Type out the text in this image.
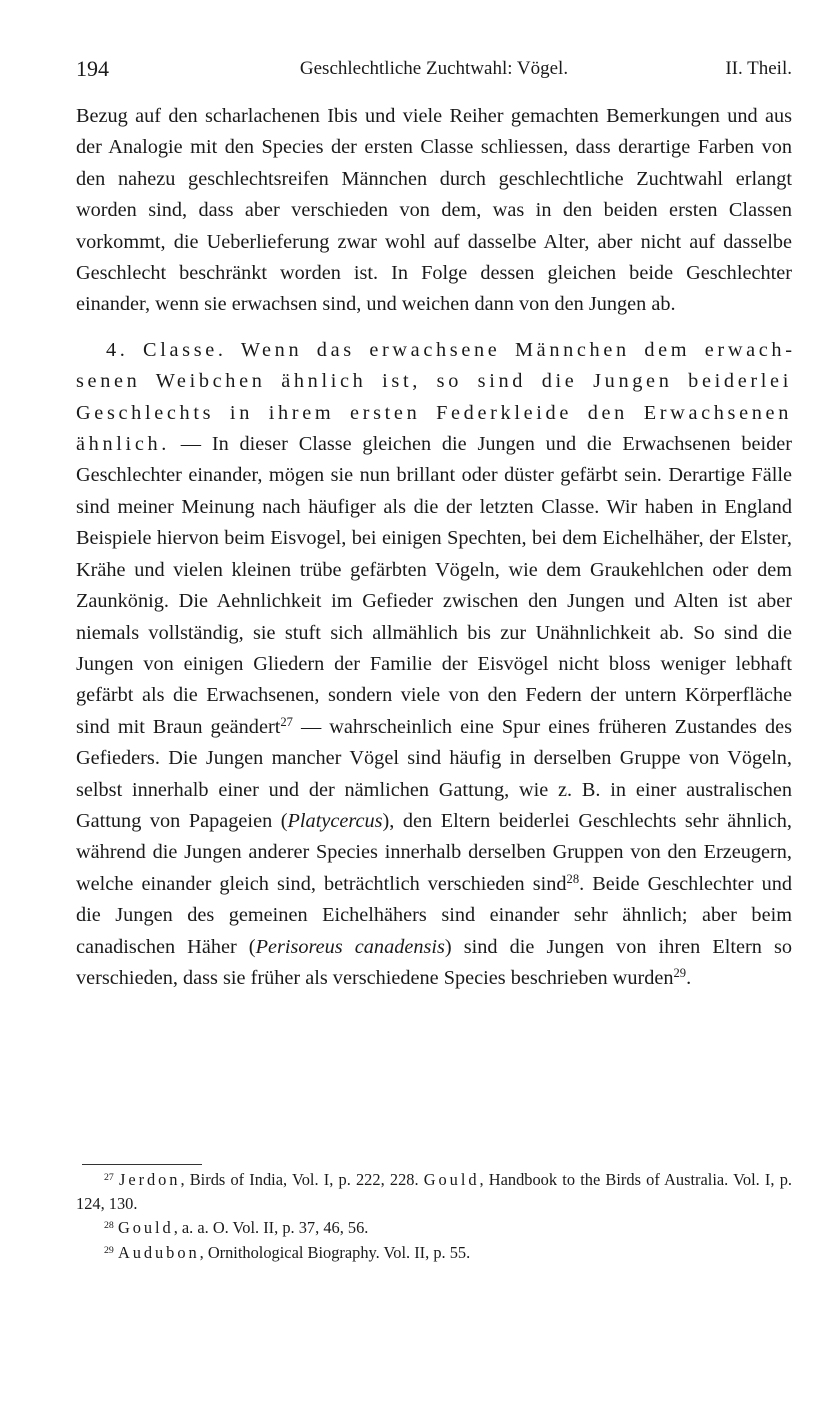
194	Geschlechtliche Zuchtwahl: Vögel.	II. Theil.

Bezug auf den scharlachenen Ibis und viele Reiher gemachten Bemerkungen und aus der Analogie mit den Species der ersten Classe schliessen, dass derartige Farben von den nahezu geschlechtsreifen Männchen durch geschlechtliche Zuchtwahl erlangt worden sind, dass aber verschieden von dem, was in den beiden ersten Classen vorkommt, die Ueberlieferung zwar wohl auf dasselbe Alter, aber nicht auf dasselbe Geschlecht beschränkt worden ist. In Folge dessen gleichen beide Geschlechter einander, wenn sie erwachsen sind, und weichen dann von den Jungen ab.

4. Classe. Wenn das erwachsene Männchen dem erwachsenen Weibchen ähnlich ist, so sind die Jungen beiderlei Geschlechts in ihrem ersten Federkleide den Erwachsenen ähnlich. — In dieser Classe gleichen die Jungen und die Erwachsenen beider Geschlechter einander, mögen sie nun brillant oder düster gefärbt sein. Derartige Fälle sind meiner Meinung nach häufiger als die der letzten Classe. Wir haben in England Beispiele hiervon beim Eisvogel, bei einigen Spechten, bei dem Eichelhäher, der Elster, Krähe und vielen kleinen trübe gefärbten Vögeln, wie dem Graukehlchen oder dem Zaunkönig. Die Aehnlichkeit im Gefieder zwischen den Jungen und Alten ist aber niemals vollständig, sie stuft sich allmählich bis zur Unähnlichkeit ab. So sind die Jungen von einigen Gliedern der Familie der Eisvögel nicht bloss weniger lebhaft gefärbt als die Erwachsenen, sondern viele von den Federn der untern Körperfläche sind mit Braun geändert$^{27}$ — wahrscheinlich eine Spur eines früheren Zustandes des Gefieders. Die Jungen mancher Vögel sind häufig in derselben Gruppe von Vögeln, selbst innerhalb einer und der nämlichen Gattung, wie z. B. in einer australischen Gattung von Papageien (Platycercus), den Eltern beiderlei Geschlechts sehr ähnlich, während die Jungen anderer Species innerhalb derselben Gruppen von den Erzeugern, welche einander gleich sind, beträchtlich verschieden sind$^{28}$. Beide Geschlechter und die Jungen des gemeinen Eichelhähers sind einander sehr ähnlich; aber beim canadischen Häher (Perisoreus canadensis) sind die Jungen von ihren Eltern so verschieden, dass sie früher als verschiedene Species beschrieben wurden$^{29}$.

$^{27}$ Jerdon, Birds of India, Vol. I, p. 222, 228. Gould, Handbook to the Birds of Australia. Vol. I, p. 124, 130.

$^{28}$ Gould, a. a. O. Vol. II, p. 37, 46, 56.

$^{29}$ Audubon, Ornithological Biography. Vol. II, p. 55.
